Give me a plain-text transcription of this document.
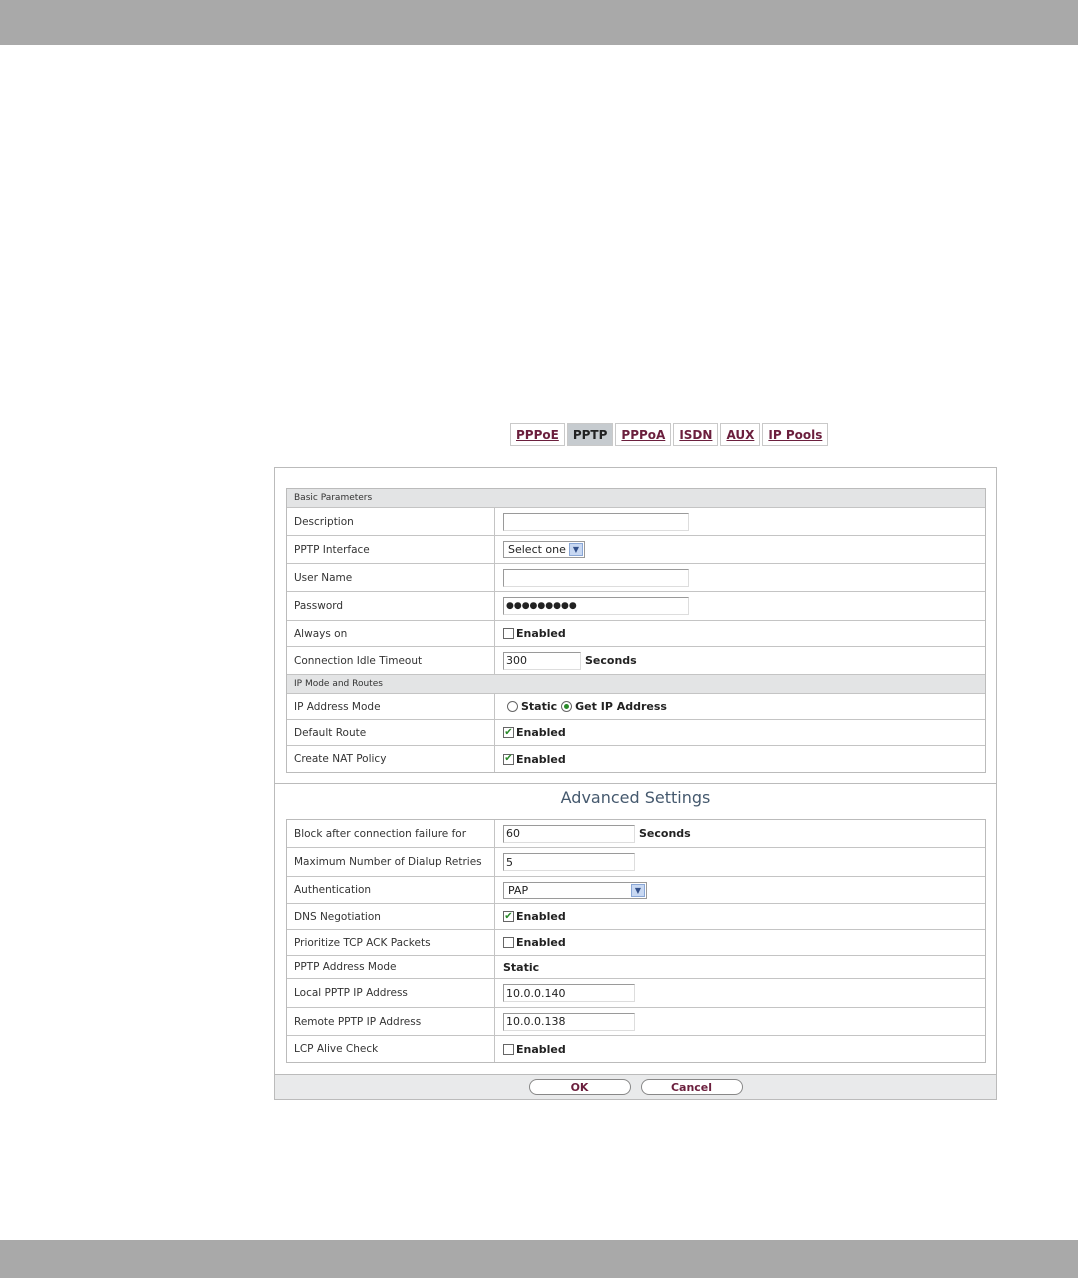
PPPoE	PPTP	PPPoA	ISDN	AUX	IP Pools
Basic Parameters
Description
PPTP Interface	Select one ▼
User Name
Password	●●●●●●●●●
Always on	Enabled
Connection Idle Timeout	300	Seconds
IP Mode and Routes
IP Address Mode	Static Get IP Address
Default Route	✔ Enabled
Create NAT Policy	✔ Enabled
Advanced Settings
Block after connection failure for	60	Seconds
Maximum Number of Dialup Retries	5
Authentication	PAP	▼
DNS Negotiation	✔ Enabled
Prioritize TCP ACK Packets	Enabled
PPTP Address Mode	Static
Local PPTP IP Address	10.0.0.140
Remote PPTP IP Address	10.0.0.138
LCP Alive Check	Enabled
OK	Cancel
